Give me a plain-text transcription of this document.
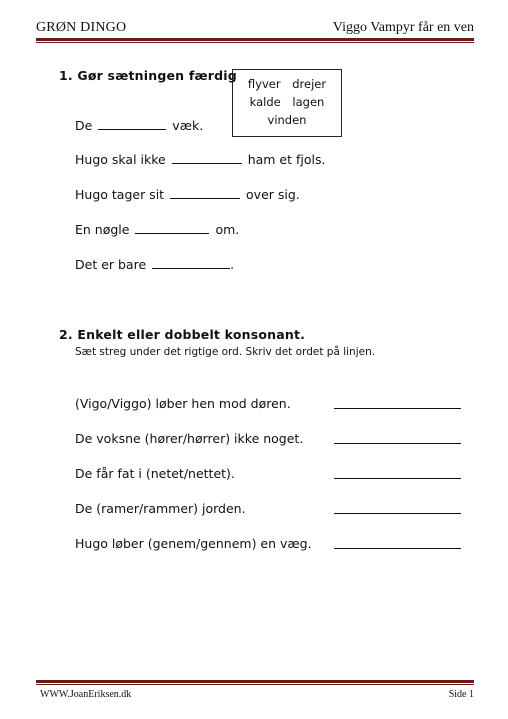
GRØN DINGO	Viggo Vampyr får en ven
1. Gør sætningen færdig
flyver drejer
kalde lagen
vinden
De	væk.
Hugo skal ikke	ham et fjols.
Hugo tager sit	over sig.
En nøgle	om.
Det er bare	.
2. Enkelt eller dobbelt konsonant.
Sæt streg under det rigtige ord. Skriv det ordet på linjen.
(Vigo/Viggo) løber hen mod døren.
De voksne (hører/hørrer) ikke noget.
De får fat i (netet/nettet).
De (ramer/rammer) jorden.
Hugo løber (genem/gennem) en væg.
WWW.JoanEriksen.dk	Side 1
